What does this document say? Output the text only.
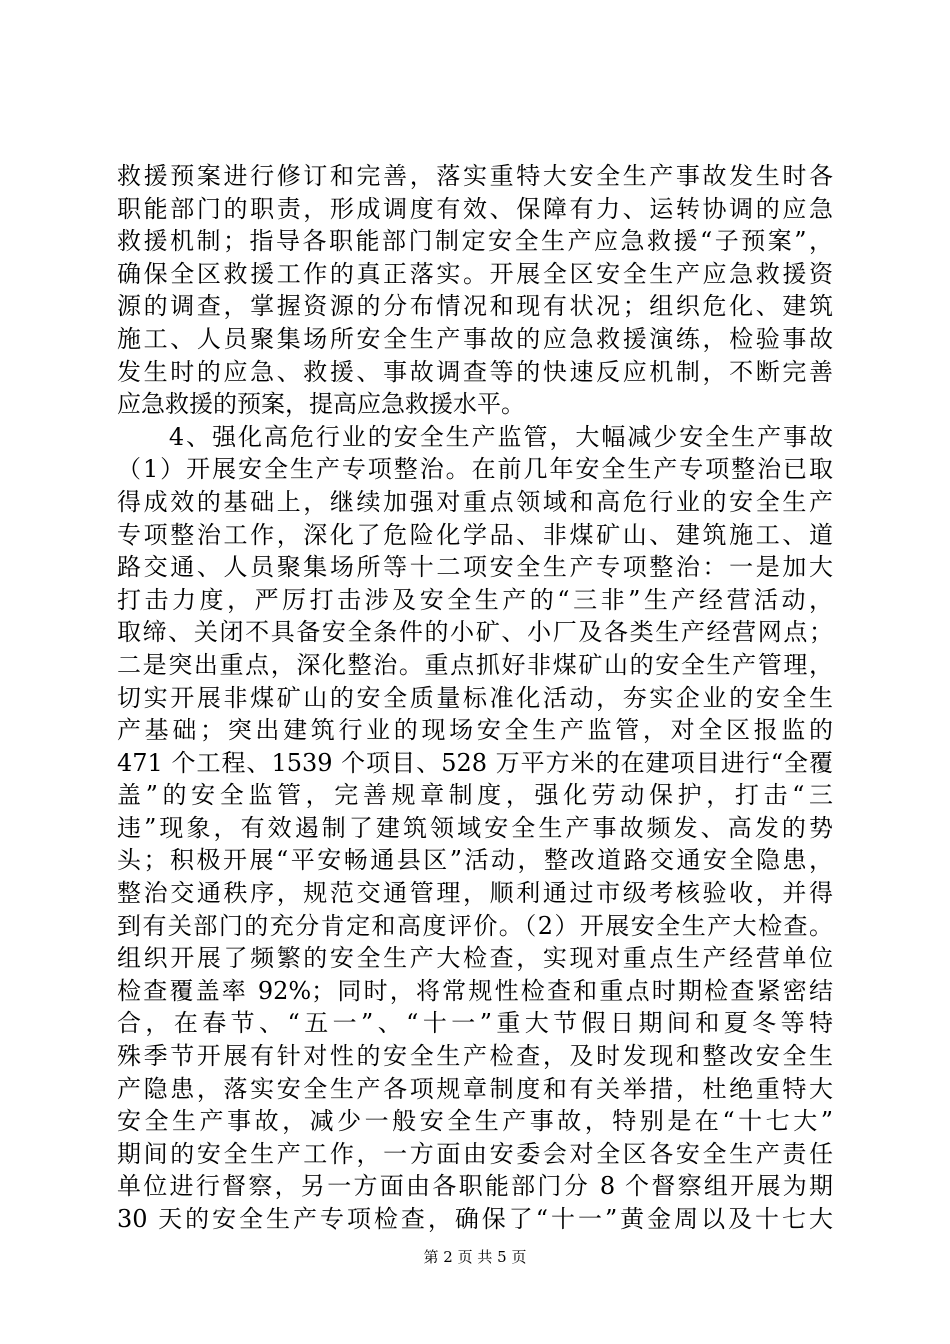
救援预案进行修订和完善，落实重特大安全生产事故发生时各
职能部门的职责，形成调度有效、保障有力、运转协调的应急
救援机制；指导各职能部门制定安全生产应急救援“子预案”，
确保全区救援工作的真正落实。开展全区安全生产应急救援资
源的调查，掌握资源的分布情况和现有状况；组织危化、建筑
施工、人员聚集场所安全生产事故的应急救援演练，检验事故
发生时的应急、救援、事故调查等的快速反应机制，不断完善
应急救援的预案，提高应急救援水平。
　　4、强化高危行业的安全生产监管，大幅减少安全生产事故
（1）开展安全生产专项整治。在前几年安全生产专项整治已取
得成效的基础上，继续加强对重点领域和高危行业的安全生产
专项整治工作，深化了危险化学品、非煤矿山、建筑施工、道
路交通、人员聚集场所等十二项安全生产专项整治：一是加大
打击力度，严厉打击涉及安全生产的“三非”生产经营活动，
取缔、关闭不具备安全条件的小矿、小厂及各类生产经营网点；
二是突出重点，深化整治。重点抓好非煤矿山的安全生产管理，
切实开展非煤矿山的安全质量标准化活动，夯实企业的安全生
产基础；突出建筑行业的现场安全生产监管，对全区报监的
471 个工程、1539 个项目、528 万平方米的在建项目进行“全覆
盖”的安全监管，完善规章制度，强化劳动保护，打击“三
违”现象，有效遏制了建筑领域安全生产事故频发、高发的势
头；积极开展“平安畅通县区”活动，整改道路交通安全隐患，
整治交通秩序，规范交通管理，顺利通过市级考核验收，并得
到有关部门的充分肯定和高度评价。（2）开展安全生产大检查。
组织开展了频繁的安全生产大检查，实现对重点生产经营单位
检查覆盖率 92%；同时，将常规性检查和重点时期检查紧密结
合，在春节、“五一”、“十一”重大节假日期间和夏冬等特
殊季节开展有针对性的安全生产检查，及时发现和整改安全生
产隐患，落实安全生产各项规章制度和有关举措，杜绝重特大
安全生产事故，减少一般安全生产事故，特别是在“十七大”
期间的安全生产工作，一方面由安委会对全区各安全生产责任
单位进行督察，另一方面由各职能部门分 8 个督察组开展为期
30 天的安全生产专项检查，确保了“十一”黄金周以及十七大
第 2 页 共 5 页
